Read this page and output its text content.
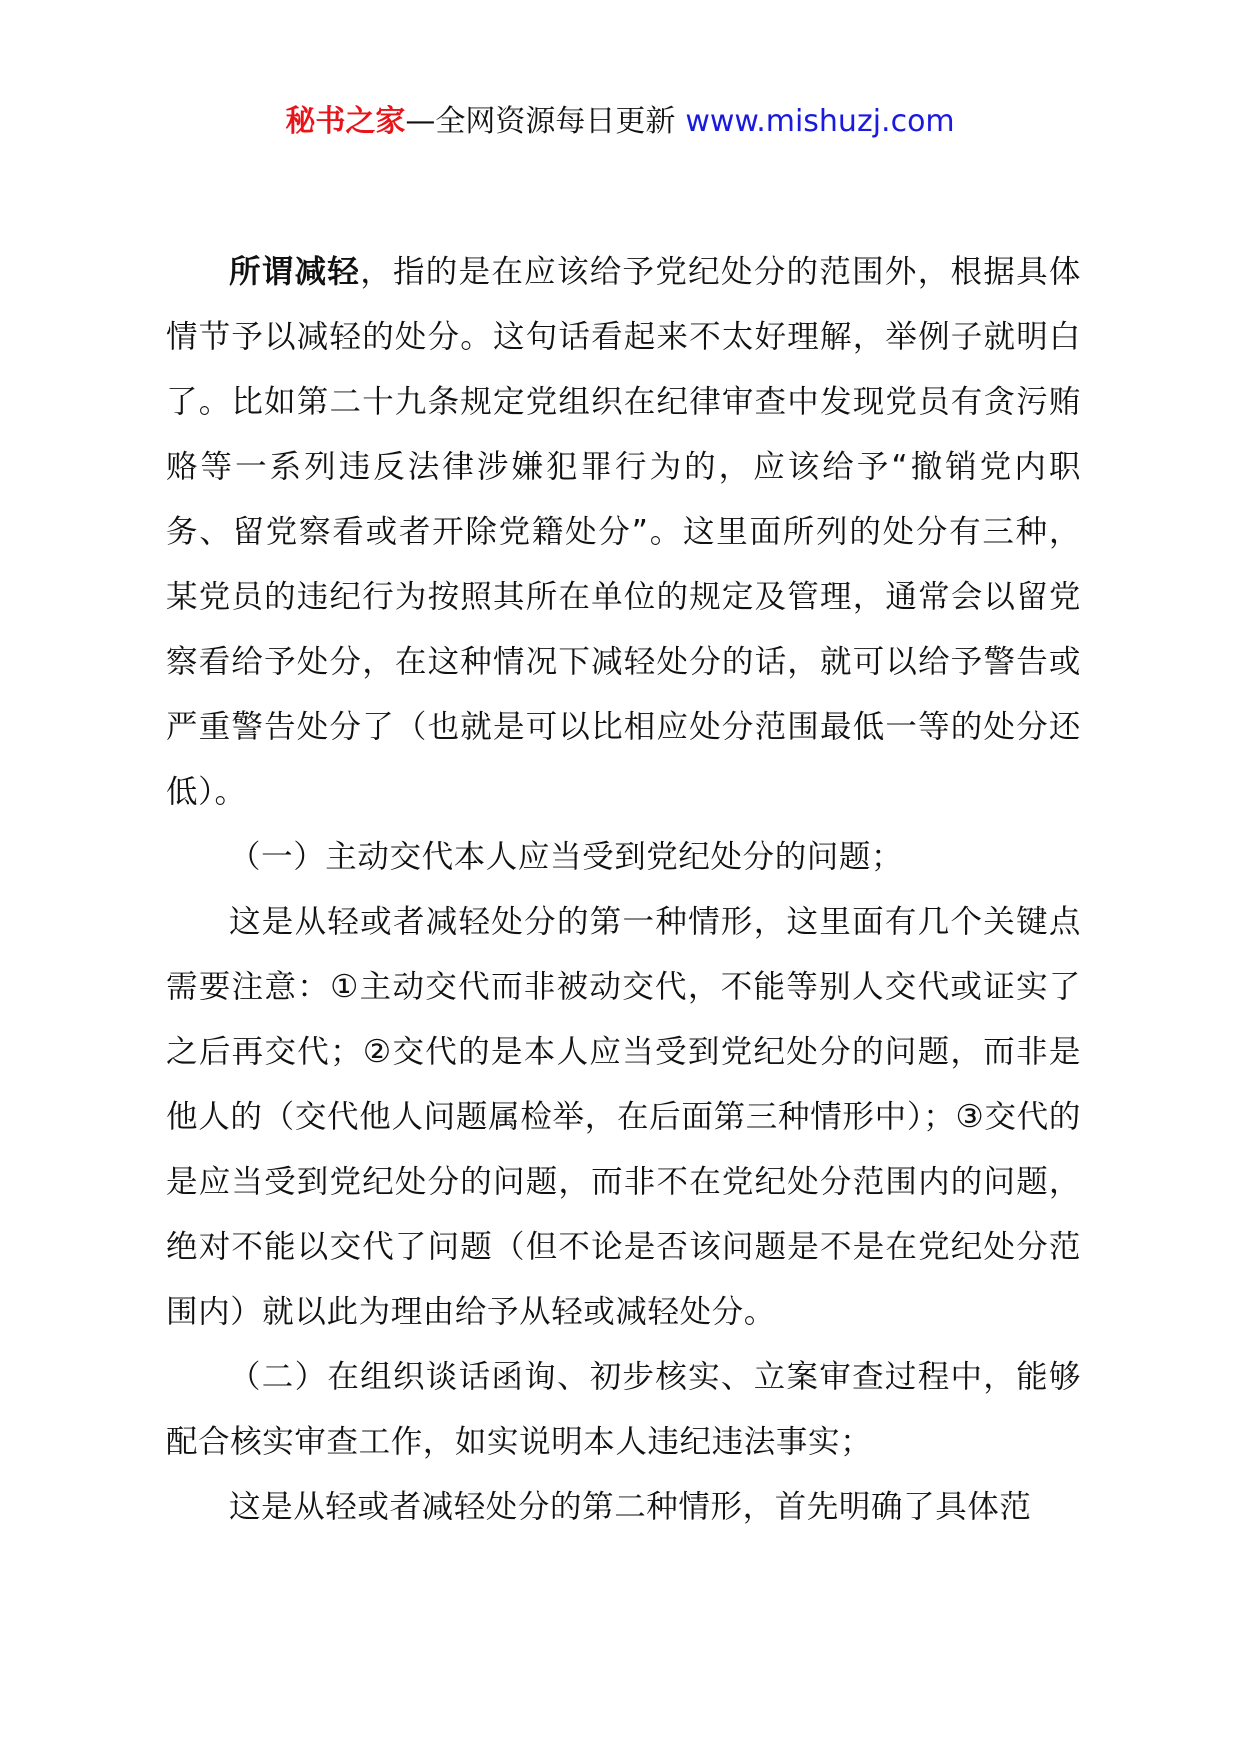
秘书之家—全网资源每日更新 www.mishuzj.com

所谓减轻，指的是在应该给予党纪处分的范围外，根据具体情节予以减轻的处分。这句话看起来不太好理解，举例子就明白了。比如第二十九条规定党组织在纪律审查中发现党员有贪污贿赂等一系列违反法律涉嫌犯罪行为的，应该给予“撤销党内职务、留党察看或者开除党籍处分”。这里面所列的处分有三种，某党员的违纪行为按照其所在单位的规定及管理，通常会以留党察看给予处分，在这种情况下减轻处分的话，就可以给予警告或严重警告处分了（也就是可以比相应处分范围最低一等的处分还低）。

（一）主动交代本人应当受到党纪处分的问题；

这是从轻或者减轻处分的第一种情形，这里面有几个关键点需要注意：①主动交代而非被动交代，不能等别人交代或证实了之后再交代；②交代的是本人应当受到党纪处分的问题，而非是他人的（交代他人问题属检举，在后面第三种情形中）；③交代的是应当受到党纪处分的问题，而非不在党纪处分范围内的问题，绝对不能以交代了问题（但不论是否该问题是不是在党纪处分范围内）就以此为理由给予从轻或减轻处分。

（二）在组织谈话函询、初步核实、立案审查过程中，能够配合核实审查工作，如实说明本人违纪违法事实；

这是从轻或者减轻处分的第二种情形，首先明确了具体范
